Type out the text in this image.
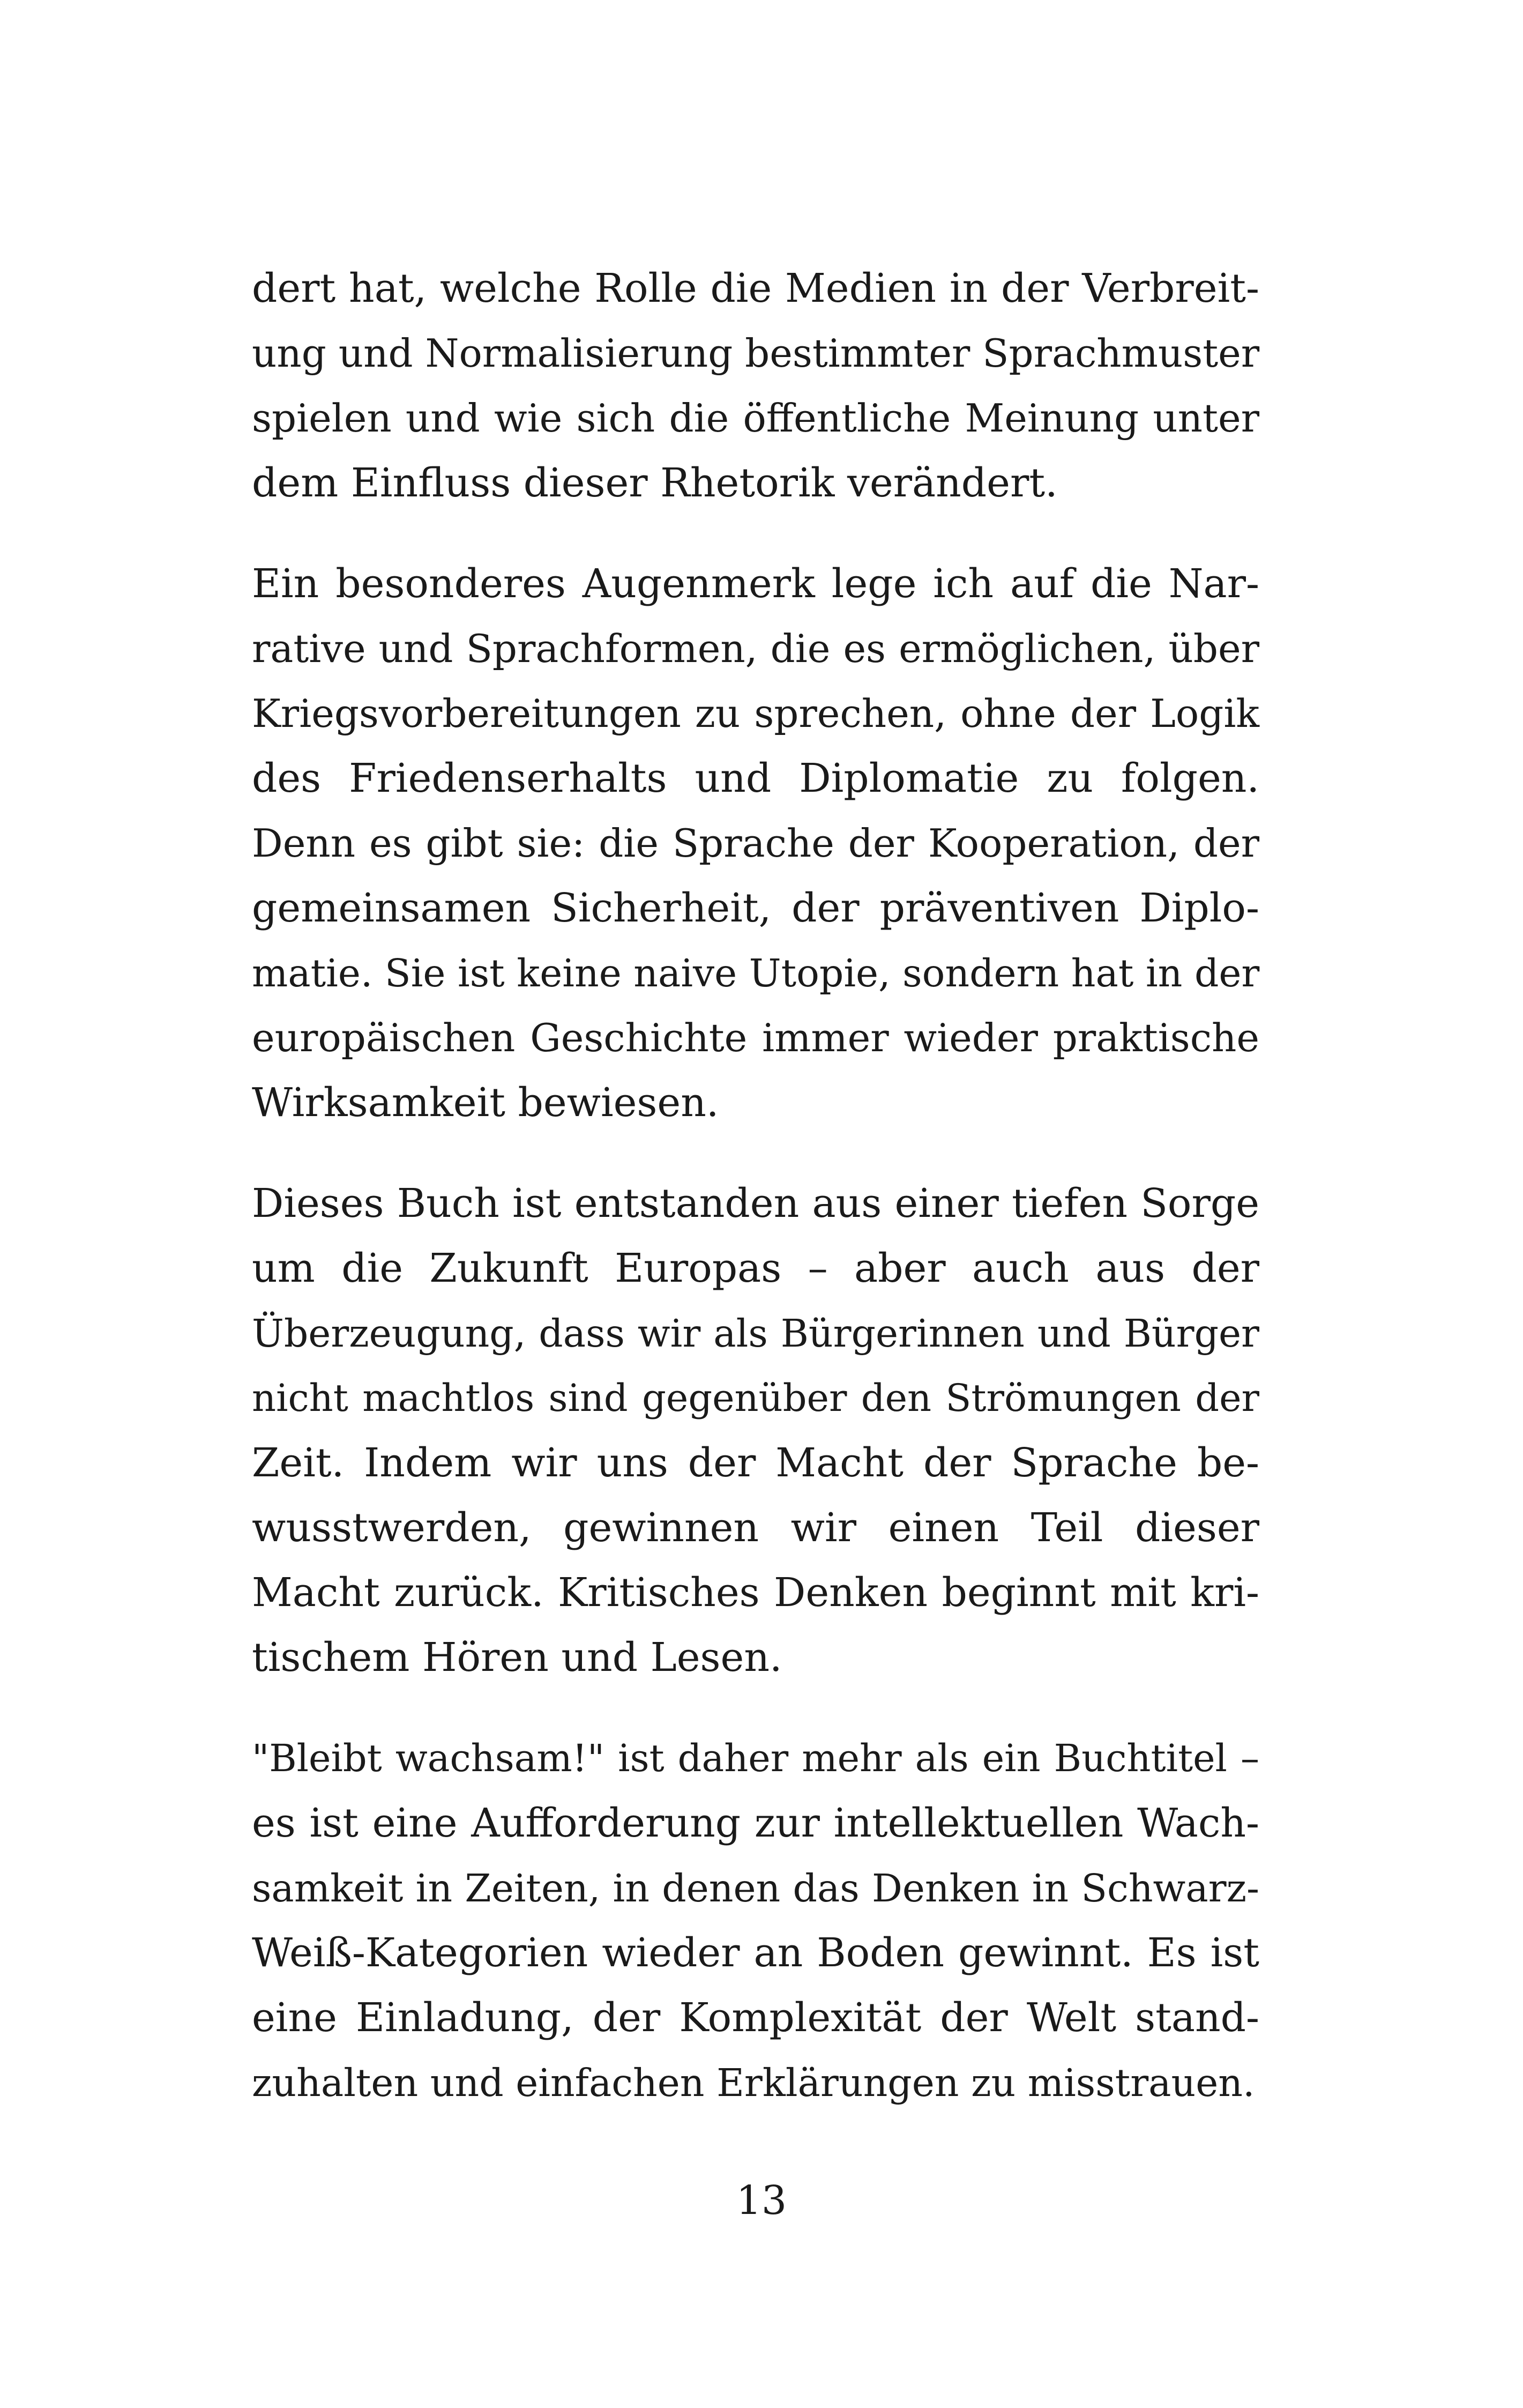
dert hat, welche Rolle die Medien in der Verbreit-
ung und Normalisierung bestimmter Sprachmuster
spielen und wie sich die öffentliche Meinung unter
dem Einfluss dieser Rhetorik verändert.

Ein besonderes Augenmerk lege ich auf die Nar-
rative und Sprachformen, die es ermöglichen, über
Kriegsvorbereitungen zu sprechen, ohne der Logik
des Friedenserhalts und Diplomatie zu folgen.
Denn es gibt sie: die Sprache der Kooperation, der
gemeinsamen Sicherheit, der präventiven Diplo-
matie. Sie ist keine naive Utopie, sondern hat in der
europäischen Geschichte immer wieder praktische
Wirksamkeit bewiesen.

Dieses Buch ist entstanden aus einer tiefen Sorge
um die Zukunft Europas – aber auch aus der
Überzeugung, dass wir als Bürgerinnen und Bürger
nicht machtlos sind gegenüber den Strömungen der
Zeit. Indem wir uns der Macht der Sprache be-
wusstwerden, gewinnen wir einen Teil dieser
Macht zurück. Kritisches Denken beginnt mit kri-
tischem Hören und Lesen.

"Bleibt wachsam!" ist daher mehr als ein Buchtitel –
es ist eine Aufforderung zur intellektuellen Wach-
samkeit in Zeiten, in denen das Denken in Schwarz-
Weiß-Kategorien wieder an Boden gewinnt. Es ist
eine Einladung, der Komplexität der Welt stand-
zuhalten und einfachen Erklärungen zu misstrauen.

13
